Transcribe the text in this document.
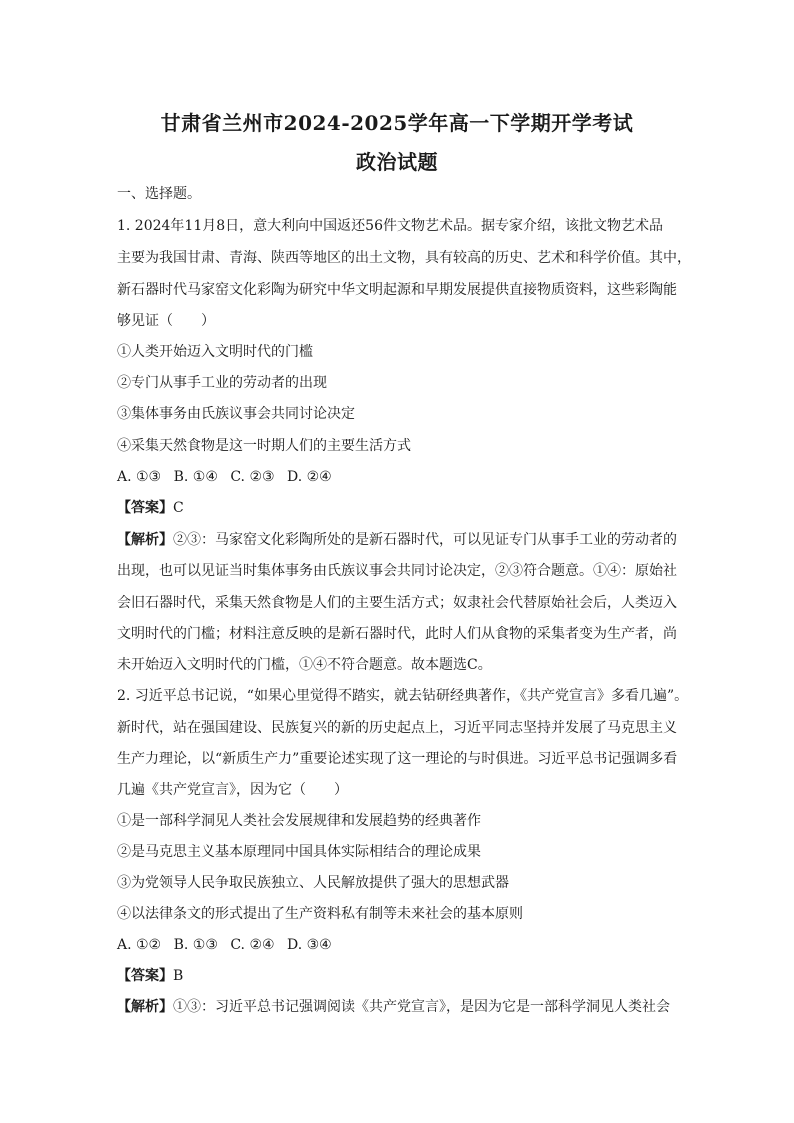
甘肃省兰州市2024-2025学年高一下学期开学考试
政治试题
一、选择题。

1. 2024年11月8日，意大利向中国返还56件文物艺术品。据专家介绍，该批文物艺术品

主要为我国甘肃、青海、陕西等地区的出土文物，具有较高的历史、艺术和科学价值。其中，

新石器时代马家窑文化彩陶为研究中华文明起源和早期发展提供直接物质资料，这些彩陶能

够见证（　　）

①人类开始迈入文明时代的门槛

②专门从事手工业的劳动者的出现

③集体事务由氏族议事会共同讨论决定

④采集天然食物是这一时期人们的主要生活方式

A. ①③ B. ①④ C. ②③ D. ②④

【答案】C

【解析】②③：马家窑文化彩陶所处的是新石器时代，可以见证专门从事手工业的劳动者的

出现，也可以见证当时集体事务由氏族议事会共同讨论决定，②③符合题意。①④：原始社

会旧石器时代，采集天然食物是人们的主要生活方式；奴隶社会代替原始社会后，人类迈入

文明时代的门槛；材料注意反映的是新石器时代，此时人们从食物的采集者变为生产者，尚

未开始迈入文明时代的门槛，①④不符合题意。故本题选C。

2. 习近平总书记说，“如果心里觉得不踏实，就去钻研经典著作，《共产党宣言》多看几遍”。

新时代，站在强国建设、民族复兴的新的历史起点上，习近平同志坚持并发展了马克思主义

生产力理论，以“新质生产力”重要论述实现了这一理论的与时俱进。习近平总书记强调多看

几遍《共产党宣言》，因为它（　　）

①是一部科学洞见人类社会发展规律和发展趋势的经典著作

②是马克思主义基本原理同中国具体实际相结合的理论成果

③为党领导人民争取民族独立、人民解放提供了强大的思想武器

④以法律条文的形式提出了生产资料私有制等未来社会的基本原则

A. ①② B. ①③ C. ②④ D. ③④

【答案】B

【解析】①③：习近平总书记强调阅读《共产党宣言》，是因为它是一部科学洞见人类社会
